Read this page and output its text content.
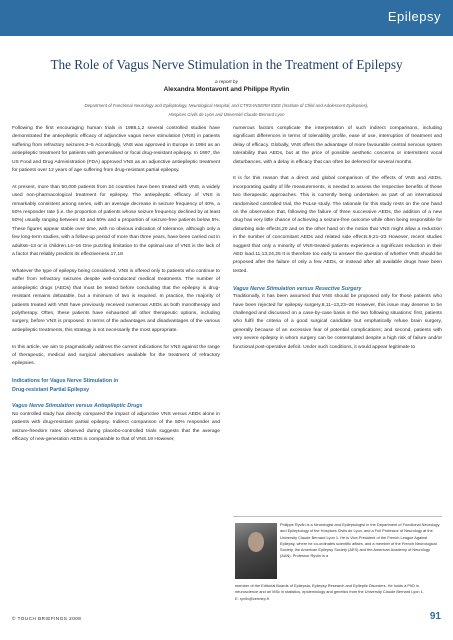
Epilepsy
The Role of Vagus Nerve Stimulation in the Treatment of Epilepsy
a report by
Alexandra Montavont and Philippe Ryvlin
Department of Functional Neurology and Epileptology, Neurological Hospital, and CTRS-INSERM IDEE (Institute of Child and Adolescent Epilepsies),
Hospices Civils de Lyon and Université Claude Bernard Lyon

Following the first encouraging human trials in 1988,1,2 several controlled studies have demonstrated the antiepileptic efficacy of adjunctive vagus nerve stimulation (VNS) in patients suffering from refractory seizures.3–5 Accordingly, VNS was approved in Europe in 1994 as an antiepileptic treatment for patients with generalised or focal drug-resistant epilepsy. In 1997, the US Food and Drug Administration (FDA) approved VNS as an adjunctive antiepileptic treatment for patients over 12 years of age suffering from drug-resistant partial epilepsy.

At present, more than 50,000 patients from 24 countries have been treated with VNS, a widely used non-pharmacological treatment for epilepsy. The antiepileptic efficacy of VNS is remarkably consistent among series, with an average decrease in seizure frequency of 40%, a 50% responder rate (i.e. the proportion of patients whose seizure frequency declined by at least 50%) usually ranging between 40 and 50% and a proportion of seizure-free patients below 5%. These figures appear stable over time, with no obvious indication of tolerance, although only a few long-term studies, with a follow-up period of more than three years, have been carried out in adults6–13 or in children.14–16 One puzzling limitation to the optimal use of VNS is the lack of a factor that reliably predicts its effectiveness.17,18

Whatever the type of epilepsy being considered, VNS is offered only to patients who continue to suffer from refractory seizures despite well-conducted medical treatments. The number of antiepileptic drugs (AEDs) that must be tested before concluding that the epilepsy is drug-resistant remains debatable, but a minimum of two is required. In practice, the majority of patients treated with VNS have previously received numerous AEDs as both monotherapy and polytherapy. Often, these patients have exhausted all other therapeutic options, including surgery, before VNS is proposed. In terms of the advantages and disadvantages of the various antiepileptic treatments, this strategy is not necessarily the most appropriate.

In this article, we aim to pragmatically address the current indications for VNS against the range of therapeutic, medical and surgical alternatives available for the treatment of refractory epilepsies.

Indications for Vagus Nerve Stimulation in
Drug-resistant Partial Epilepsy
Vagus Nerve Stimulation versus Antiepileptic Drugs

No controlled study has directly compared the impact of adjunctive VNS versus AEDs alone in patients with drug-resistant partial epilepsy. Indirect comparison of the 50% responder and seizure-freedom rates observed during placebo-controlled trials suggests that the average efficacy of new-generation AEDs is comparable to that of VNS.19 However,

numerous factors complicate the interpretation of such indirect comparisons, including significant differences in terms of tolerability profile, ease of use, interruption of treatment and delay of efficacy. Globally, VNS offers the advantage of more favourable central nervous system tolerability than AEDs, but at the price of possible aesthetic concerns or intermittent vocal disturbances, with a delay in efficacy that can often be deferred for several months.

It is for this reason that a direct and global comparison of the effects of VNS and AEDs, incorporating quality of life measurements, is needed to assess the respective benefits of these two therapeutic approaches. This is currently being undertaken as part of an international randomised controlled trial, the PuLse study. The rationale for this study rests on the one hand on the observation that, following the failure of three successive AEDs, the addition of a new drug has very little chance of achieving a seizure-free outcome while often being responsible for disturbing side effects,20 and on the other hand on the notion that VNS might allow a reduction in the number of concomitant AEDs and related side effects.9,21–23 However, recent studies suggest that only a minority of VNS-treated patients experience a significant reduction in their AED load.11,13,24,25 It is therefore too early to answer the question of whether VNS should be proposed after the failure of only a few AEDs, or instead after all available drugs have been tested.

Vagus Nerve Stimulation versus Resective Surgery

Traditionally, it has been assumed that VNS should be proposed only for those patients who have been rejected for epilepsy surgery.8,11–13,23–26 However, this issue may deserve to be challenged and discussed on a case-by-case basis in the two following situations: first, patients who fulfil the criteria of a good surgical candidate but emphatically refuse brain surgery, generally because of an excessive fear of potential complications; and second, patients with very severe epilepsy in whom surgery can be contemplated despite a high risk of failure and/or functional post-operative deficit. Under such conditions, it would appear legitimate to

Philippe Ryvlin is a Neurologist and Epileptologist in the Department of Functional Neurology and Epileptology of the Hospices Civils de Lyon, and a Full Professor of Neurology at the University Claude Bernard Lyon 1. He is Vice-President of the French League Against Epilepsy, where he co-ordinates scientific affairs, and a member of the French Neurological Society, the American Epilepsy Society (AES) and the American Academy of Neurology (AAN). Professor Ryvlin is a
member of the Editorial Boards of Epilepsia, Epilepsy Research and Epileptic Disorders. He holds a PhD in neuroscience and an MSc in statistics, epidemiology and genetics from the University Claude Bernard Lyon 1.
E: ryvlin@cermep.fr
© TOUCH BRIEFINGS 2008	91
